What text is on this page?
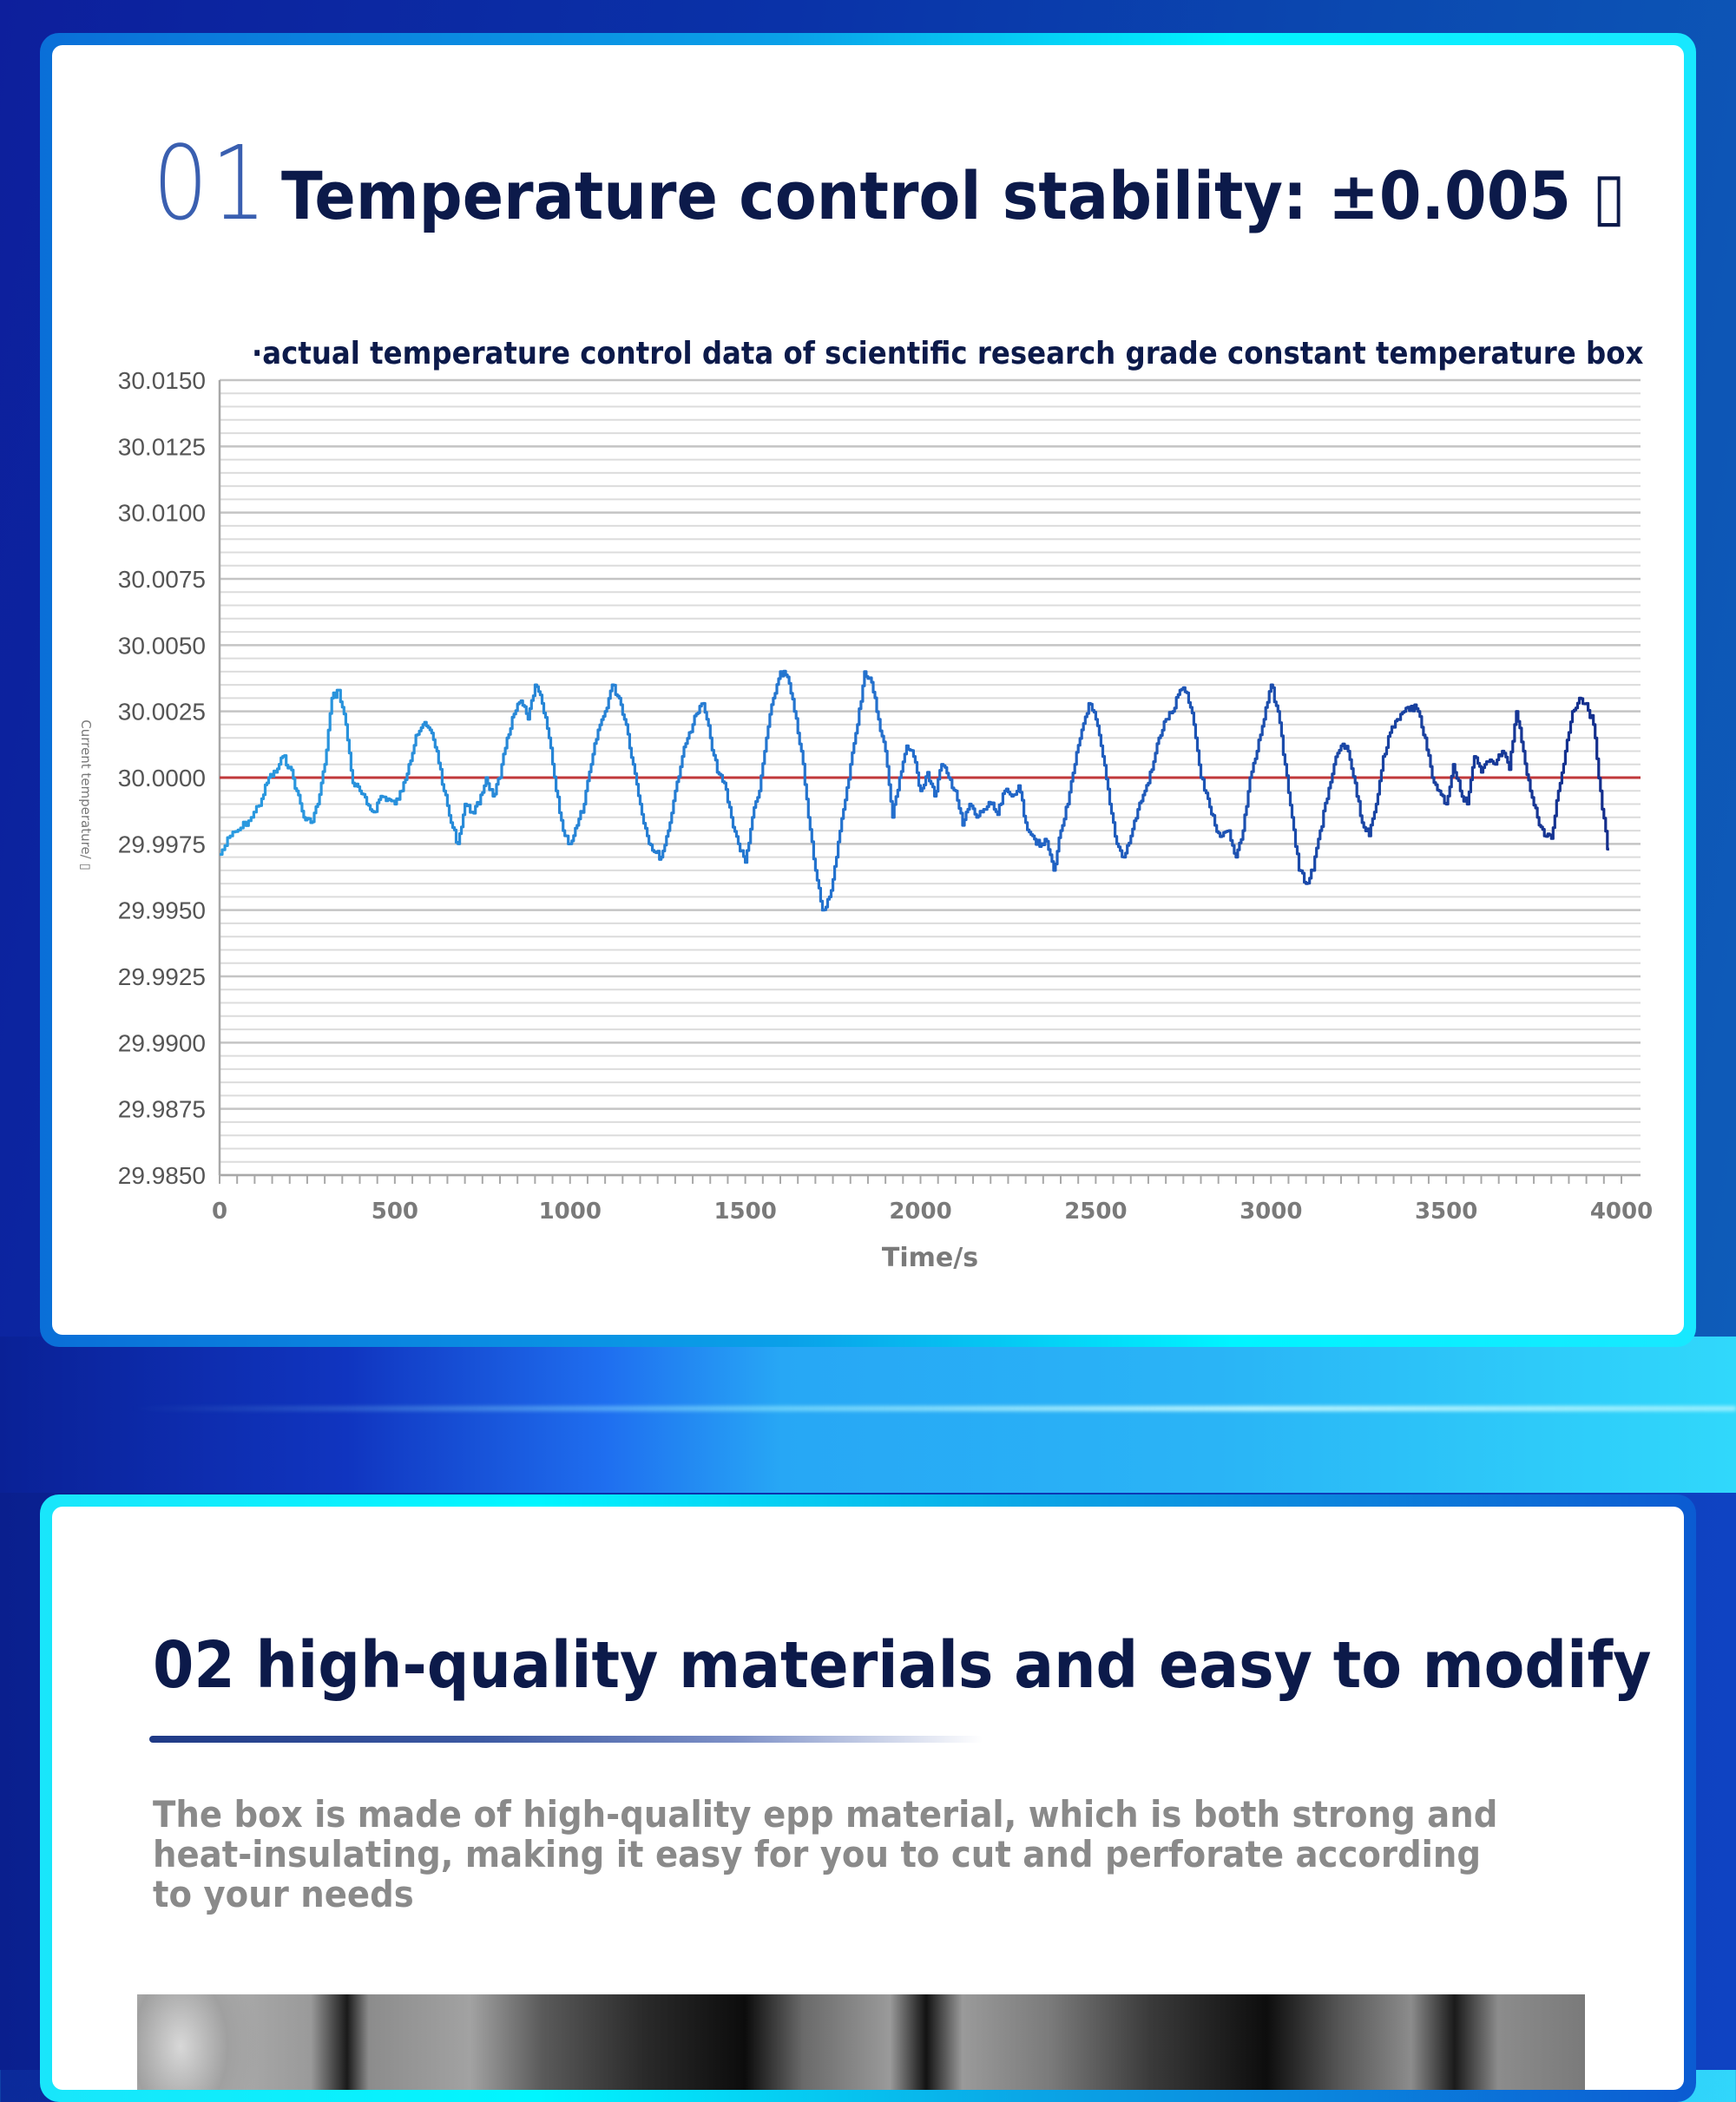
01 Temperature control stability: ±0.005 ▯
·actual temperature control data of scientific research grade constant temperature box
30.0150
30.0125
30.0100
30.0075
30.0050
30.0025
30.0000
29.9975
29.9950
29.9925
29.9900
29.9875
29.9850
0	500	1000	1500	2000	2500	3000	3500	4000
Time/s
Current temperature/ ▯
02 high-quality materials and easy to modify
The box is made of high-quality epp material, which is both strong and heat-insulating, making it easy for you to cut and perforate according to your needs
